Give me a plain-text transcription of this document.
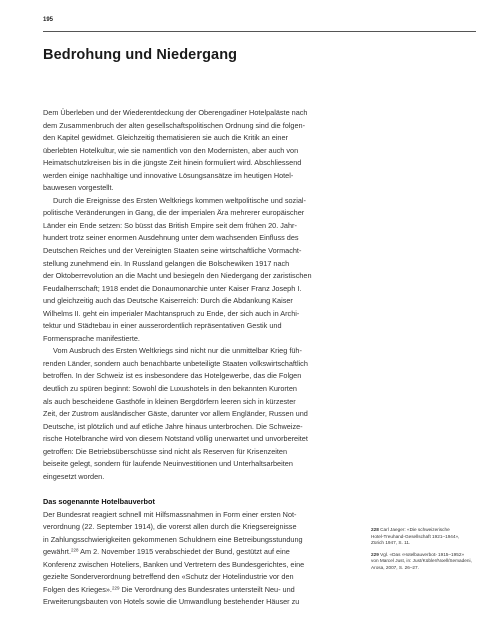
195
Bedrohung und Niedergang
Dem Überleben und der Wiederentdeckung der Oberengadiner Hotelpaläste nach
dem Zusammenbruch der alten gesellschaftspolitischen Ordnung sind die folgen-
den Kapitel gewidmet. Gleichzeitig thematisieren sie auch die Kritik an einer
überlebten Hotelkultur, wie sie namentlich von den Modernisten, aber auch von
Heimatschutzkreisen bis in die jüngste Zeit hinein formuliert wird. Abschliessend
werden einige nachhaltige und innovative Lösungsansätze im heutigen Hotel-
bauwesen vorgestellt.
Durch die Ereignisse des Ersten Weltkriegs kommen weltpolitische und sozial-
politische Veränderungen in Gang, die der imperialen Ära mehrerer europäischer
Länder ein Ende setzen: So büsst das British Empire seit dem frühen 20. Jahr-
hundert trotz seiner enormen Ausdehnung unter dem wachsenden Einfluss des
Deutschen Reiches und der Vereinigten Staaten seine wirtschaftliche Vormacht-
stellung zunehmend ein. In Russland gelangen die Bolschewiken 1917 nach
der Oktoberrevolution an die Macht und besiegeln den Niedergang der zaristischen
Feudalherrschaft; 1918 endet die Donaumonarchie unter Kaiser Franz Joseph I.
und gleichzeitig auch das Deutsche Kaiserreich: Durch die Abdankung Kaiser
Wilhelms II. geht ein imperialer Machtanspruch zu Ende, der sich auch in Archi-
tektur und Städtebau in einer ausserordentlich repräsentativen Gestik und
Formensprache manifestierte.
Vom Ausbruch des Ersten Weltkriegs sind nicht nur die unmittelbar Krieg füh-
renden Länder, sondern auch benachbarte unbeteiligte Staaten volkswirtschaftlich
betroffen. In der Schweiz ist es insbesondere das Hotelgewerbe, das die Folgen
deutlich zu spüren beginnt: Sowohl die Luxushotels in den bekannten Kurorten
als auch bescheidene Gasthöfe in kleinen Bergdörfern leeren sich in kürzester
Zeit, der Zustrom ausländischer Gäste, darunter vor allem Engländer, Russen und
Deutsche, ist plötzlich und auf etliche Jahre hinaus unterbrochen. Die Schweize-
rische Hotelbranche wird von diesem Notstand völlig unerwartet und unvorbereitet
getroffen: Die Betriebsüberschüsse sind nicht als Reserven für Krisenzeiten
beiseite gelegt, sondern für laufende Neuinvestitionen und Unterhaltsarbeiten
eingesetzt worden.
Das sogenannte Hotelbauverbot
Der Bundesrat reagiert schnell mit Hilfsmassnahmen in Form einer ersten Not-
verordnung (22. September 1914), die vorerst allen durch die Kriegsereignisse
in Zahlungsschwierigkeiten gekommenen Schuldnern eine Betreibungsstundung
gewährt.$^{228}$ Am 2. November 1915 verabschiedet der Bund, gestützt auf eine
Konferenz zwischen Hoteliers, Banken und Vertretern des Bundesgerichtes, eine
gezielte Sonderverordnung betreffend den «Schutz der Hotelindustrie vor den
Folgen des Krieges».$^{229}$ Die Verordnung des Bundesrates untersteilt Neu- und
Erweiterungsbauten von Hotels sowie die Umwandlung bestehender Häuser zu
228 Carl Jaeger: «Die schweizerische
Hotel-Treuhand-Gesellschaft 1921–1944»,
Zürich 1947, S. 11.
229 Vgl. «Das ‹Hotelbauverbot› 1915–1952»
von Marcel Just, in: Just/Kübler/Noell/Semadeni,
Arosa, 2007, S. 26–27.
